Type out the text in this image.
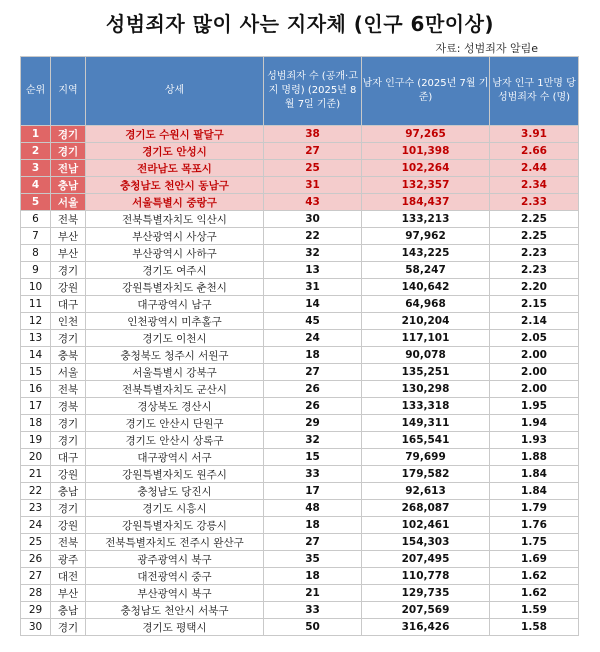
성범죄자 많이 사는 지자체 (인구 6만이상)
자료: 성범죄자 알림e
순위	지역	상세	성범죄자 수 (공개·고지 명령) (2025년 8월 7일 기준)	남자 인구수 (2025년 7월 기준)	남자 인구 1만명 당 성범죄자 수 (명)
1	경기	경기도 수원시 팔달구	38	97,265	3.91
2	경기	경기도 안성시	27	101,398	2.66
3	전남	전라남도 목포시	25	102,264	2.44
4	충남	충청남도 천안시 동남구	31	132,357	2.34
5	서울	서울특별시 중랑구	43	184,437	2.33
6	전북	전북특별자치도 익산시	30	133,213	2.25
7	부산	부산광역시 사상구	22	97,962	2.25
8	부산	부산광역시 사하구	32	143,225	2.23
9	경기	경기도 여주시	13	58,247	2.23
10	강원	강원특별자치도 춘천시	31	140,642	2.20
11	대구	대구광역시 남구	14	64,968	2.15
12	인천	인천광역시 미추홀구	45	210,204	2.14
13	경기	경기도 이천시	24	117,101	2.05
14	충북	충청북도 청주시 서원구	18	90,078	2.00
15	서울	서울특별시 강북구	27	135,251	2.00
16	전북	전북특별자치도 군산시	26	130,298	2.00
17	경북	경상북도 경산시	26	133,318	1.95
18	경기	경기도 안산시 단원구	29	149,311	1.94
19	경기	경기도 안산시 상록구	32	165,541	1.93
20	대구	대구광역시 서구	15	79,699	1.88
21	강원	강원특별자치도 원주시	33	179,582	1.84
22	충남	충청남도 당진시	17	92,613	1.84
23	경기	경기도 시흥시	48	268,087	1.79
24	강원	강원특별자치도 강릉시	18	102,461	1.76
25	전북	전북특별자치도 전주시 완산구	27	154,303	1.75
26	광주	광주광역시 북구	35	207,495	1.69
27	대전	대전광역시 중구	18	110,778	1.62
28	부산	부산광역시 북구	21	129,735	1.62
29	충남	충청남도 천안시 서북구	33	207,569	1.59
30	경기	경기도 평택시	50	316,426	1.58
